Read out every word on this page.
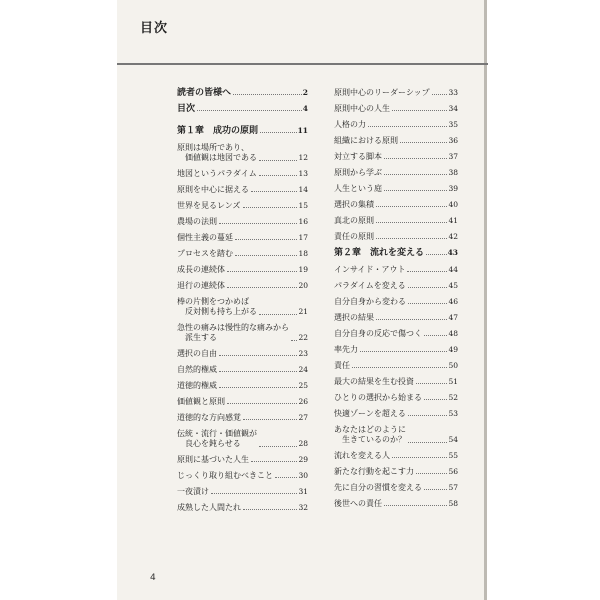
目次
読者の皆様へ	2
目次	4
第１章　成功の原則	11
原則は場所であり、
価値観は地図である	12
地図というパラダイム	13
原則を中心に据える	14
世界を見るレンズ	15
農場の法則	16
個性主義の蔓延	17
プロセスを踏む	18
成長の連続体	19
退行の連続体	20
棒の片側をつかめば
反対側も持ち上がる	21
急性の痛みは慢性的な痛みから
派生する	22
選択の自由	23
自然的権威	24
道徳的権威	25
価値観と原則	26
道徳的な方向感覚	27
伝統・流行・価値観が
良心を鈍らせる	28
原則に基づいた人生	29
じっくり取り組むべきこと	30
一夜漬け	31
成熟した人間たれ	32
原則中心のリーダーシップ	33
原則中心の人生	34
人格の力	35
組織における原則	36
対立する脚本	37
原則から学ぶ	38
人生という庭	39
選択の集積	40
真北の原則	41
責任の原則	42
第２章　流れを変える	43
インサイド・アウト	44
パラダイムを変える	45
自分自身から変わる	46
選択の結果	47
自分自身の反応で傷つく	48
率先力	49
責任	50
最大の結果を生む投資	51
ひとりの選択から始まる	52
快適ゾーンを超える	53
あなたはどのように
生きているのか？	54
流れを変える人	55
新たな行動を起こす力	56
先に自分の習慣を変える	57
後世への責任	58
4
